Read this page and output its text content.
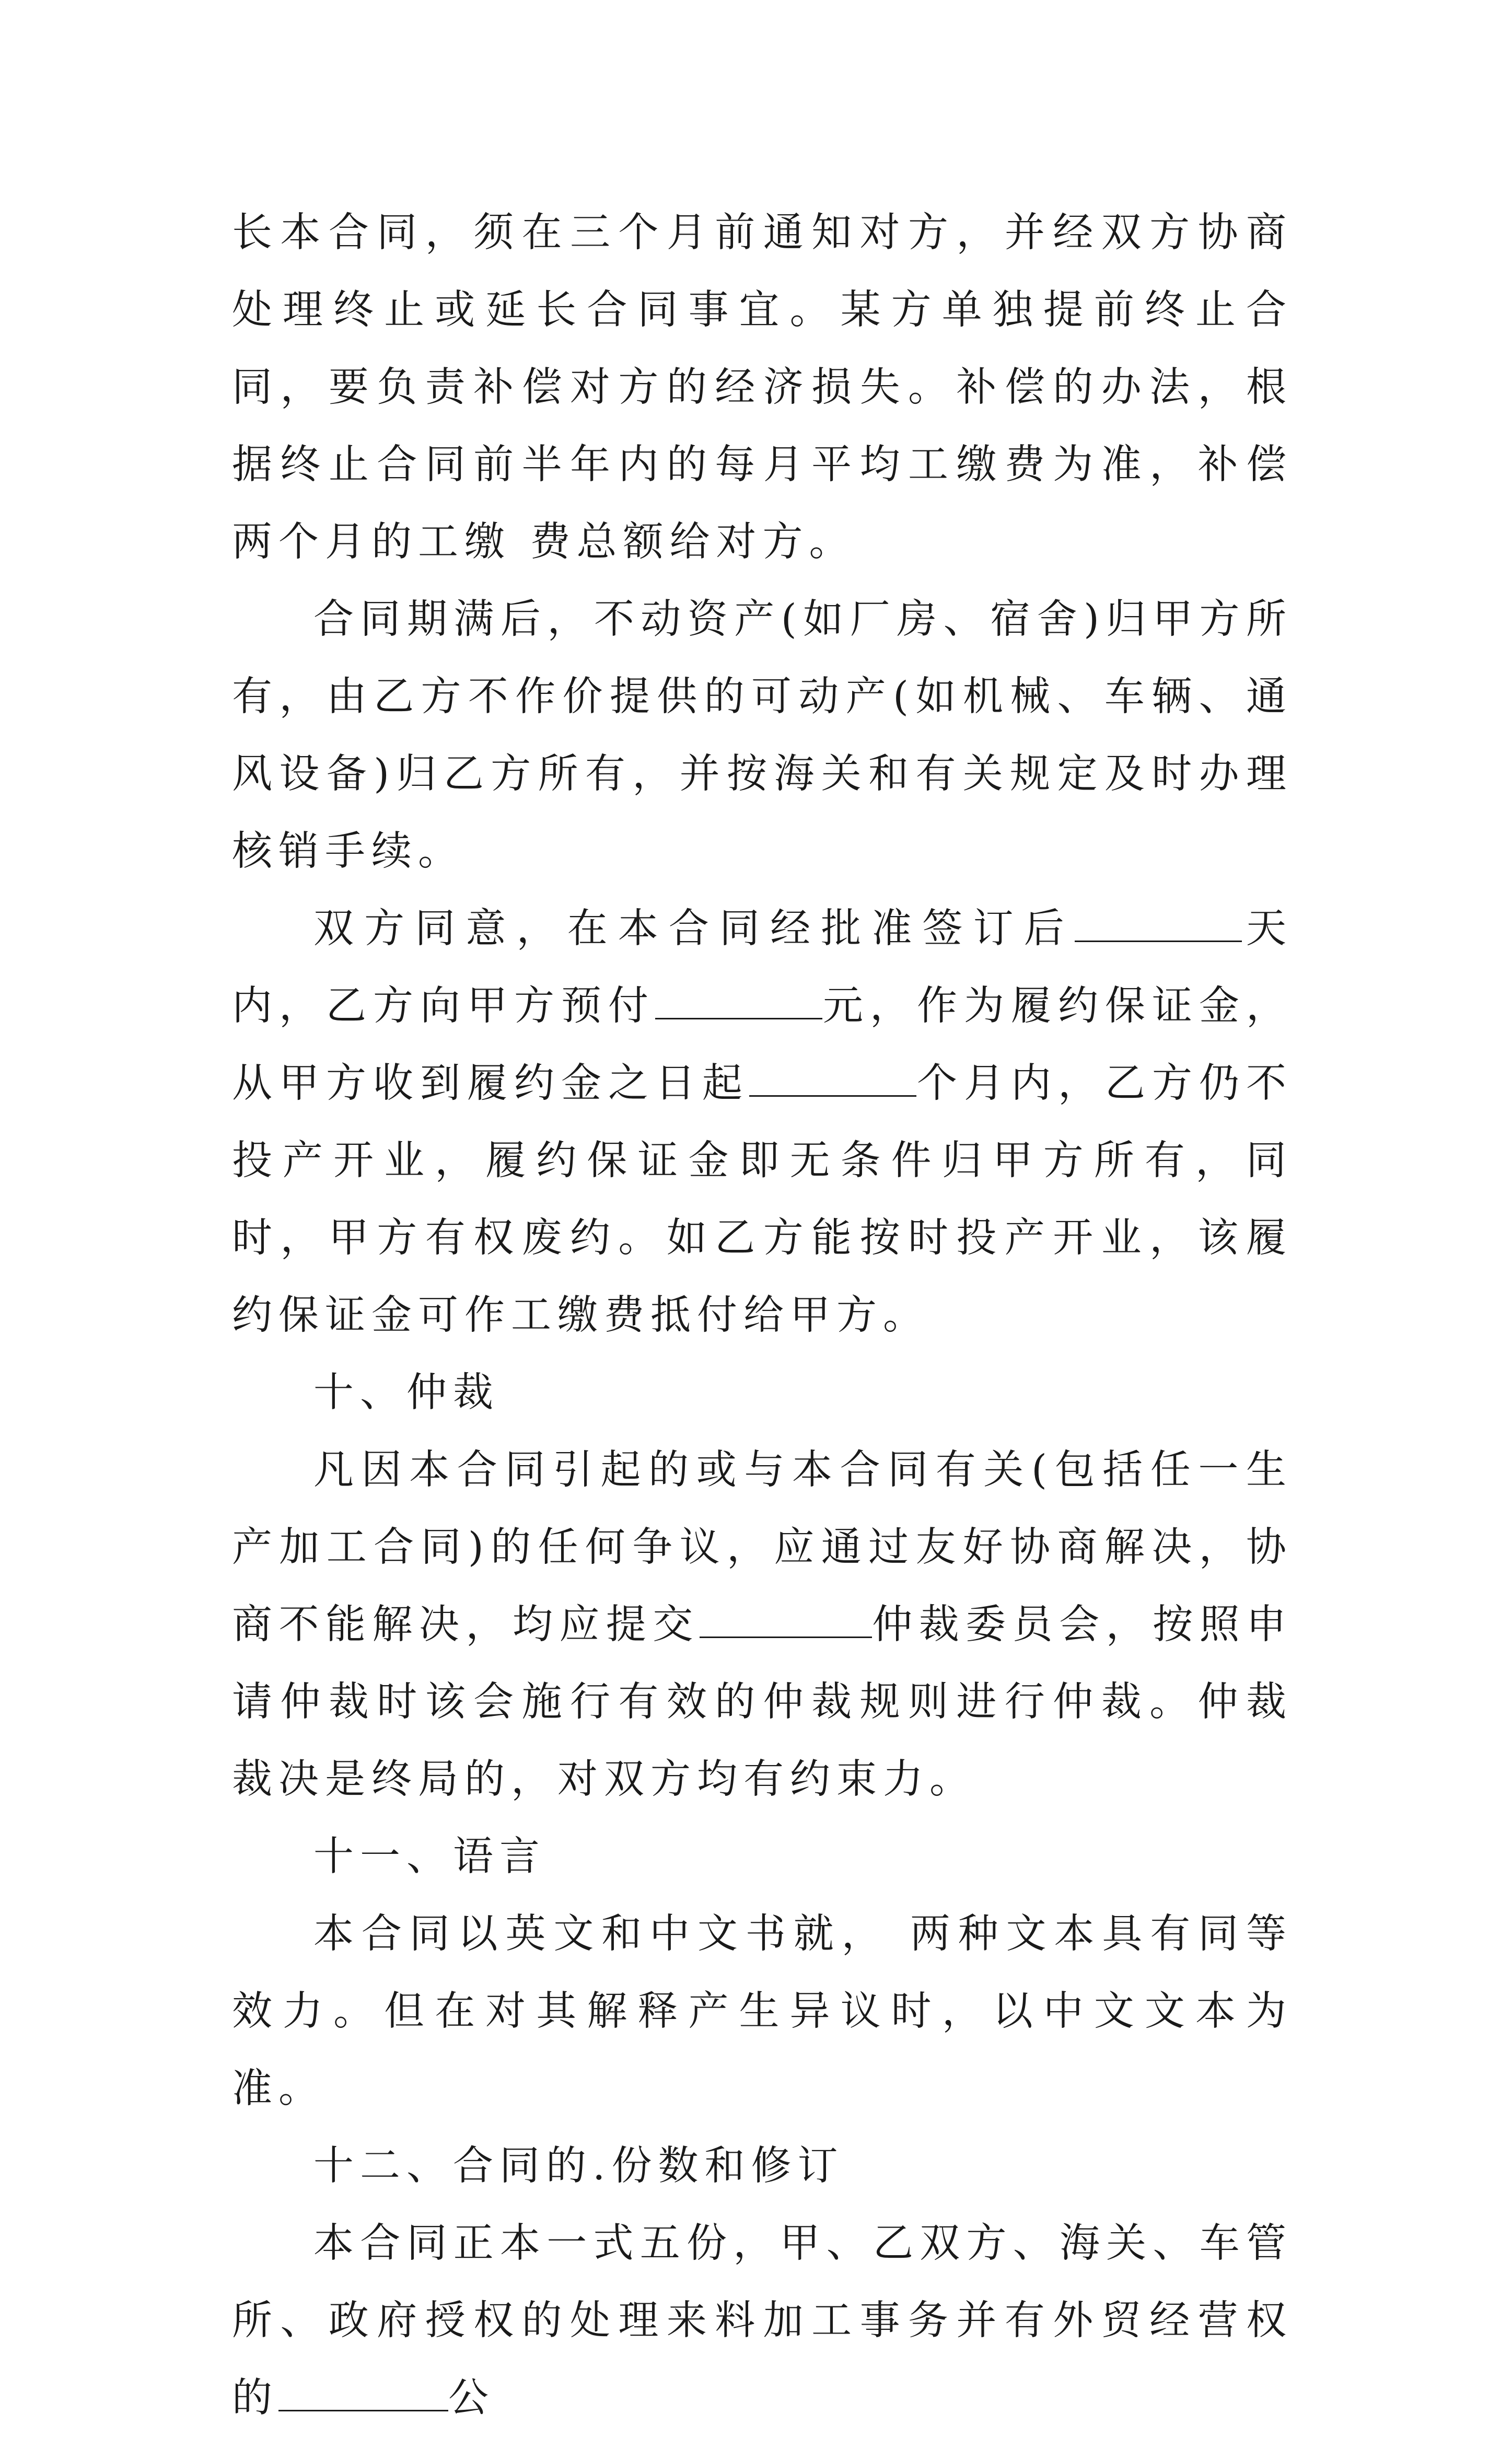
长本合同，须在三个月前通知对方，并经双方协商处理终止或延长合同事宜。某方单独提前终止合同，要负责补偿对方的经济损失。补偿的办法，根据终止合同前半年内的每月平均工缴费为准，补偿两个月的工缴 费总额给对方。

合同期满后，不动资产(如厂房、宿舍)归甲方所有，由乙方不作价提供的可动产(如机械、车辆、通风设备)归乙方所有，并按海关和有关规定及时办理核销手续。

双方同意，在本合同经批准签订后	天内，乙方向甲方预付	元，作为履约保证金，从甲方收到履约金之日起	个月内，乙方仍不投产开业，履约保证金即无条件归甲方所有，同时，甲方有权废约。如乙方能按时投产开业，该履约保证金可作工缴费抵付给甲方。

十、仲裁

凡因本合同引起的或与本合同有关(包括任一生产加工合同)的任何争议，应通过友好协商解决，协商不能解决，均应提交	仲裁委员会，按照申请仲裁时该会施行有效的仲裁规则进行仲裁。仲裁裁决是终局的，对双方均有约束力。

十一、语言

本合同以英文和中文书就， 两种文本具有同等效力。但在对其解释产生异议时，以中文文本为准。

十二、合同的.份数和修订

本合同正本一式五份，甲、乙双方、海关、车管所、政府授权的处理来料加工事务并有外贸经营权的	公
